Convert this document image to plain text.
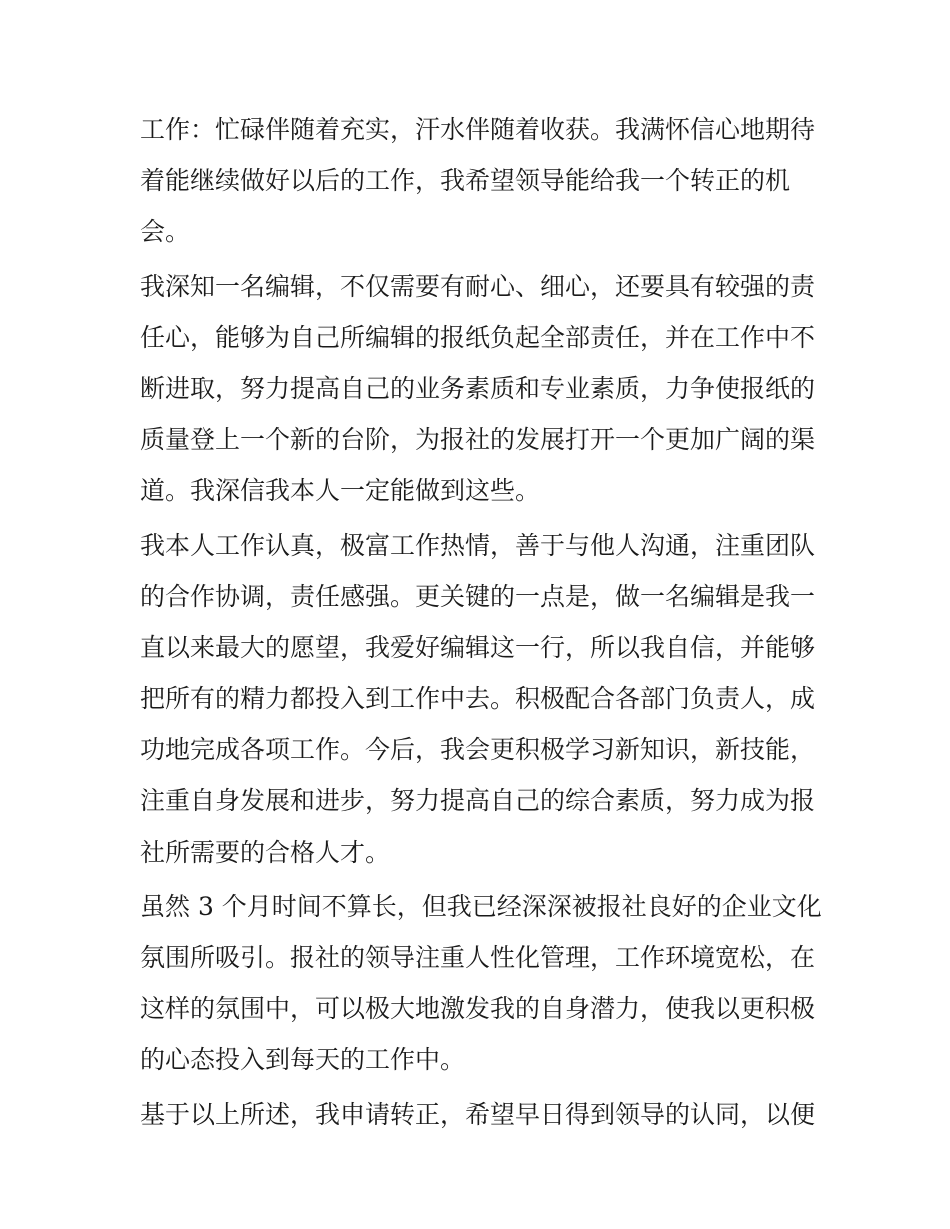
工作：忙碌伴随着充实，汗水伴随着收获。我满怀信心地期待
着能继续做好以后的工作，我希望领导能给我一个转正的机
会。

我深知一名编辑，不仅需要有耐心、细心，还要具有较强的责
任心，能够为自己所编辑的报纸负起全部责任，并在工作中不
断进取，努力提高自己的业务素质和专业素质，力争使报纸的
质量登上一个新的台阶，为报社的发展打开一个更加广阔的渠
道。我深信我本人一定能做到这些。

我本人工作认真，极富工作热情，善于与他人沟通，注重团队
的合作协调，责任感强。更关键的一点是，做一名编辑是我一
直以来最大的愿望，我爱好编辑这一行，所以我自信，并能够
把所有的精力都投入到工作中去。积极配合各部门负责人，成
功地完成各项工作。今后，我会更积极学习新知识，新技能，
注重自身发展和进步，努力提高自己的综合素质，努力成为报
社所需要的合格人才。

虽然 3 个月时间不算长，但我已经深深被报社良好的企业文化
氛围所吸引。报社的领导注重人性化管理，工作环境宽松，在
这样的氛围中，可以极大地激发我的自身潜力，使我以更积极
的心态投入到每天的工作中。

基于以上所述，我申请转正，希望早日得到领导的认同，以便
